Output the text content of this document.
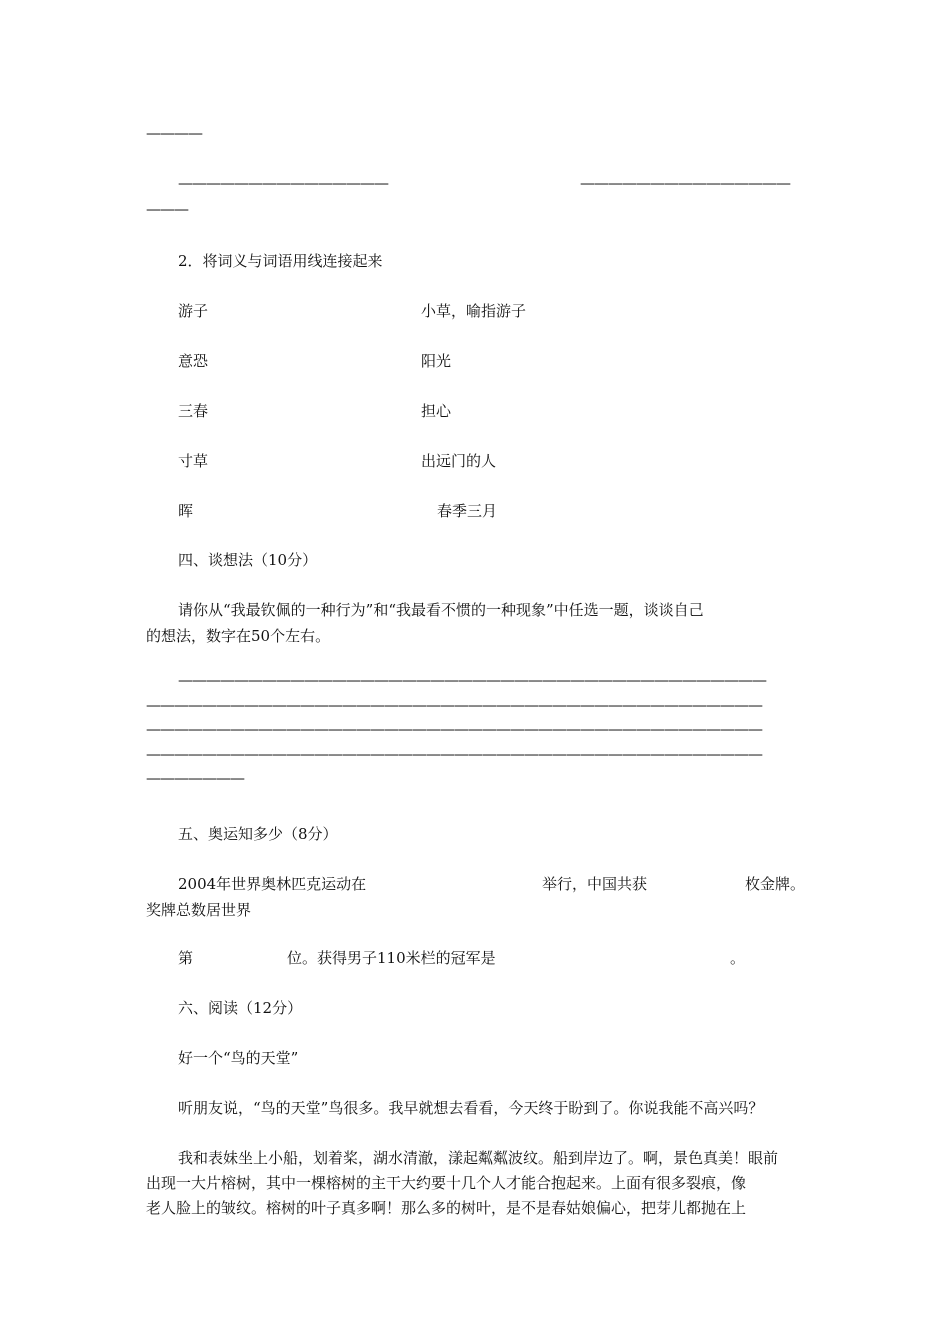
————
———————————————	———————————————
———
2．将词义与词语用线连接起来
游子	小草，喻指游子
意恐	阳光
三春	担心
寸草	出远门的人
晖	春季三月
四、谈想法（10分）
请你从“我最钦佩的一种行为”和“我最看不惯的一种现象”中任选一题，谈谈自己
的想法，数字在50个左右。
——————————————————————————————————————————
————————————————————————————————————————————
————————————————————————————————————————————
————————————————————————————————————————————
———————
五、奥运知多少（8分）
2004年世界奥林匹克运动在	举行，中国共获	枚金牌。
奖牌总数居世界
第	位。获得男子110米栏的冠军是	。
六、阅读（12分）
好一个“鸟的天堂”
听朋友说，“鸟的天堂”鸟很多。我早就想去看看，今天终于盼到了。你说我能不高兴吗？
我和表妹坐上小船，划着桨，湖水清澈，漾起粼粼波纹。船到岸边了。啊，景色真美！眼前
出现一大片榕树，其中一棵榕树的主干大约要十几个人才能合抱起来。上面有很多裂痕，像
老人脸上的皱纹。榕树的叶子真多啊！那么多的树叶，是不是春姑娘偏心，把芽儿都抛在上
